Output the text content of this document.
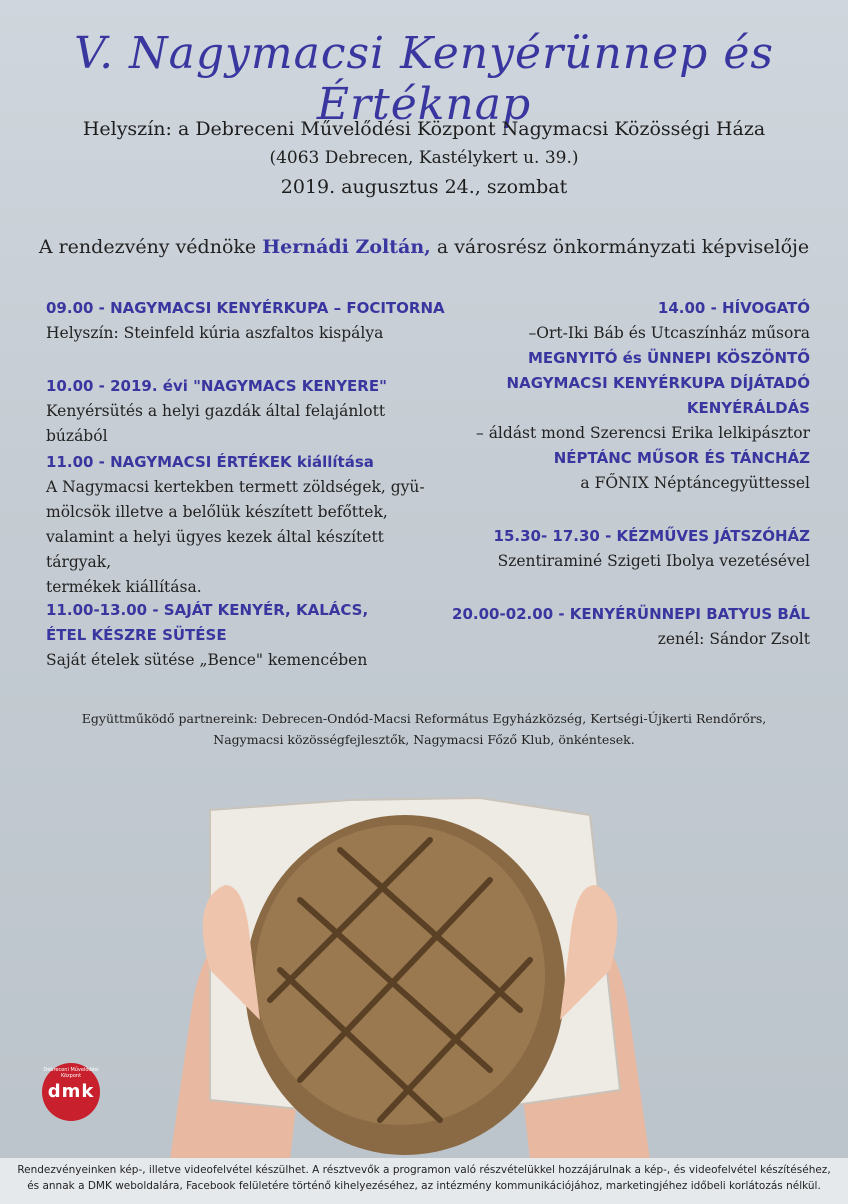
V. Nagymacsi Kenyérünnep és Értéknap
Helyszín: a Debreceni Művelődési Központ Nagymacsi Közösségi Háza
(4063 Debrecen, Kastélykert u. 39.)
2019. augusztus 24., szombat
A rendezvény védnöke Hernádi Zoltán, a városrész önkormányzati képviselője
09.00 - NAGYMACSI KENYÉRKUPA – FOCITORNA
Helyszín: Steinfeld kúria aszfaltos kispálya
10.00 - 2019. évi "NAGYMACS KENYERE"
Kenyérsütés a helyi gazdák által felajánlott búzából
11.00 - NAGYMACSI ÉRTÉKEK kiállítása
A Nagymacsi kertekben termett zöldségek, gyü-
mölcsök illetve a belőlük készített befőttek,
valamint a helyi ügyes kezek által készített tárgyak,
termékek kiállítása.
11.00-13.00 - SAJÁT KENYÉR, KALÁCS,
ÉTEL KÉSZRE SÜTÉSE
Saját ételek sütése „Bence" kemencében
14.00 - HÍVOGATÓ
–Ort-Iki Báb és Utcaszínház műsora
MEGNYITÓ és ÜNNEPI KÖSZÖNTŐ
NAGYMACSI KENYÉRKUPA DÍJÁTADÓ
KENYÉRÁLDÁS
– áldást mond Szerencsi Erika lelkipásztor
NÉPTÁNC MŰSOR ÉS TÁNCHÁZ
a FŐNIX Néptáncegyüttessel
15.30- 17.30 - KÉZMŰVES JÁTSZÓHÁZ
Szentiraminé Szigeti Ibolya vezetésével
20.00-02.00 - KENYÉRÜNNEPI BATYUS BÁL
zenél: Sándor Zsolt
Együttműködő partnereink: Debrecen-Ondód-Macsi Református Egyházközség, Kertségi-Újkerti Rendőrőrs,
Nagymacsi közösségfejlesztők, Nagymacsi Főző Klub, önkéntesek.
Debreceni Művelődési Központ
dmk
Rendezvényeinken kép-, illetve videofelvétel készülhet. A résztvevők a programon való részvételükkel hozzájárulnak a kép-, és videofelvétel készítéséhez,
és annak a DMK weboldalára, Facebook felületére történő kihelyezéséhez, az intézmény kommunikációjához, marketingjéhez időbeli korlátozás nélkül.
